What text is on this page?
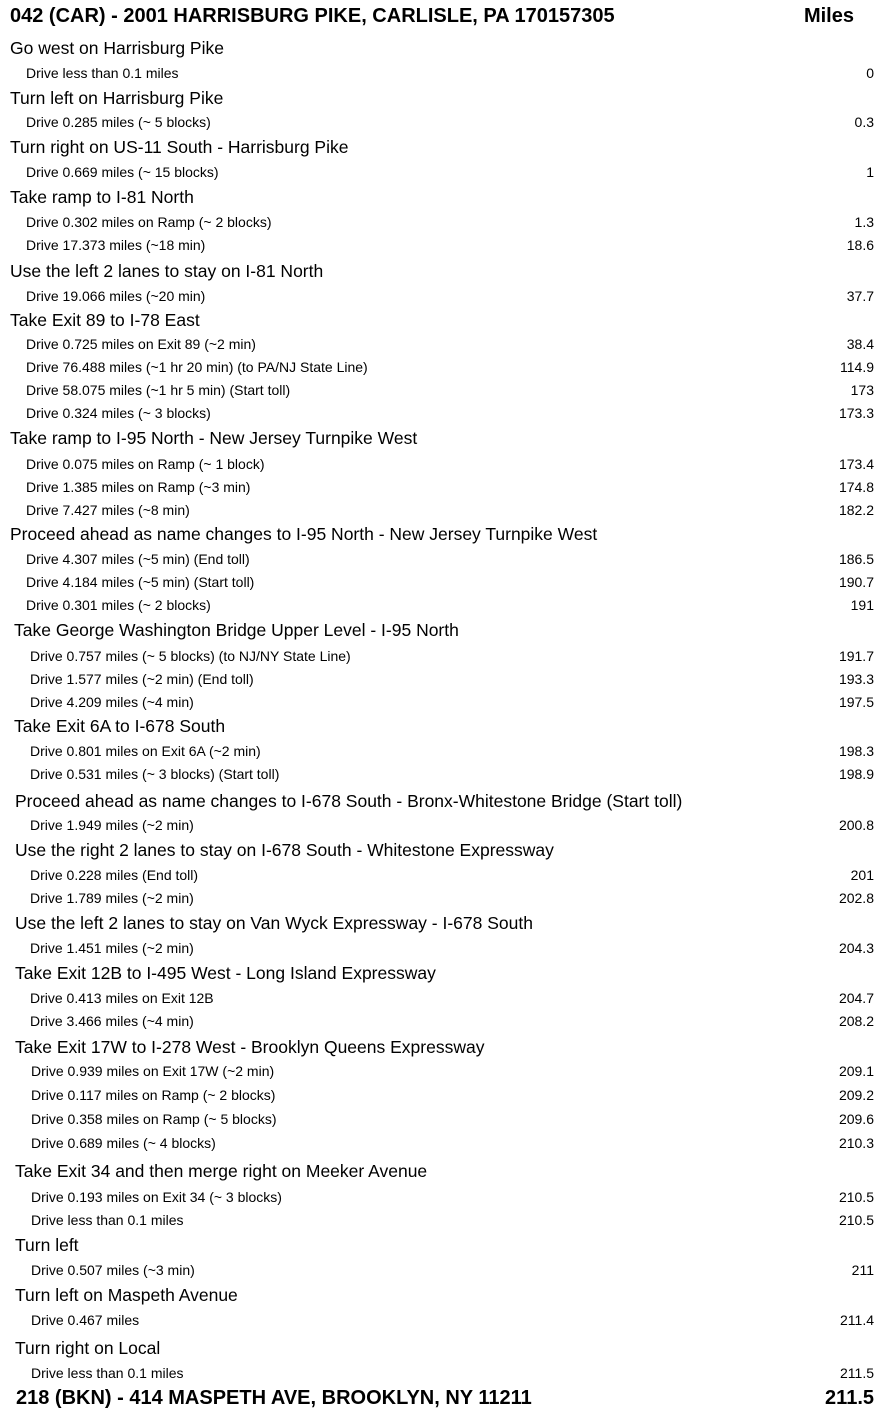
042 (CAR) - 2001 HARRISBURG PIKE, CARLISLE, PA 170157305	Miles
Go west on Harrisburg Pike
Drive less than 0.1 miles	0
Turn left on Harrisburg Pike
Drive 0.285 miles (~ 5 blocks)	0.3
Turn right on US-11 South - Harrisburg Pike
Drive 0.669 miles (~ 15 blocks)	1
Take ramp to I-81 North
Drive 0.302 miles on Ramp (~ 2 blocks)	1.3
Drive 17.373 miles (~18 min)	18.6
Use the left 2 lanes to stay on I-81 North
Drive 19.066 miles (~20 min)	37.7
Take Exit 89 to I-78 East
Drive 0.725 miles on Exit 89 (~2 min)	38.4
Drive 76.488 miles (~1 hr 20 min) (to PA/NJ State Line)	114.9
Drive 58.075 miles (~1 hr 5 min) (Start toll)	173
Drive 0.324 miles (~ 3 blocks)	173.3
Take ramp to I-95 North - New Jersey Turnpike West
Drive 0.075 miles on Ramp (~ 1 block)	173.4
Drive 1.385 miles on Ramp (~3 min)	174.8
Drive 7.427 miles (~8 min)	182.2
Proceed ahead as name changes to I-95 North - New Jersey Turnpike West
Drive 4.307 miles (~5 min) (End toll)	186.5
Drive 4.184 miles (~5 min) (Start toll)	190.7
Drive 0.301 miles (~ 2 blocks)	191
Take George Washington Bridge Upper Level - I-95 North
Drive 0.757 miles (~ 5 blocks) (to NJ/NY State Line)	191.7
Drive 1.577 miles (~2 min) (End toll)	193.3
Drive 4.209 miles (~4 min)	197.5
Take Exit 6A to I-678 South
Drive 0.801 miles on Exit 6A (~2 min)	198.3
Drive 0.531 miles (~ 3 blocks) (Start toll)	198.9
Proceed ahead as name changes to I-678 South - Bronx-Whitestone Bridge (Start toll)
Drive 1.949 miles (~2 min)	200.8
Use the right 2 lanes to stay on I-678 South - Whitestone Expressway
Drive 0.228 miles (End toll)	201
Drive 1.789 miles (~2 min)	202.8
Use the left 2 lanes to stay on Van Wyck Expressway - I-678 South
Drive 1.451 miles (~2 min)	204.3
Take Exit 12B to I-495 West - Long Island Expressway
Drive 0.413 miles on Exit 12B	204.7
Drive 3.466 miles (~4 min)	208.2
Take Exit 17W to I-278 West - Brooklyn Queens Expressway
Drive 0.939 miles on Exit 17W (~2 min)	209.1
Drive 0.117 miles on Ramp (~ 2 blocks)	209.2
Drive 0.358 miles on Ramp (~ 5 blocks)	209.6
Drive 0.689 miles (~ 4 blocks)	210.3
Take Exit 34 and then merge right on Meeker Avenue
Drive 0.193 miles on Exit 34 (~ 3 blocks)	210.5
Drive less than 0.1 miles	210.5
Turn left
Drive 0.507 miles (~3 min)	211
Turn left on Maspeth Avenue
Drive 0.467 miles	211.4
Turn right on Local
Drive less than 0.1 miles	211.5
218 (BKN) - 414 MASPETH AVE, BROOKLYN, NY 11211	211.5
